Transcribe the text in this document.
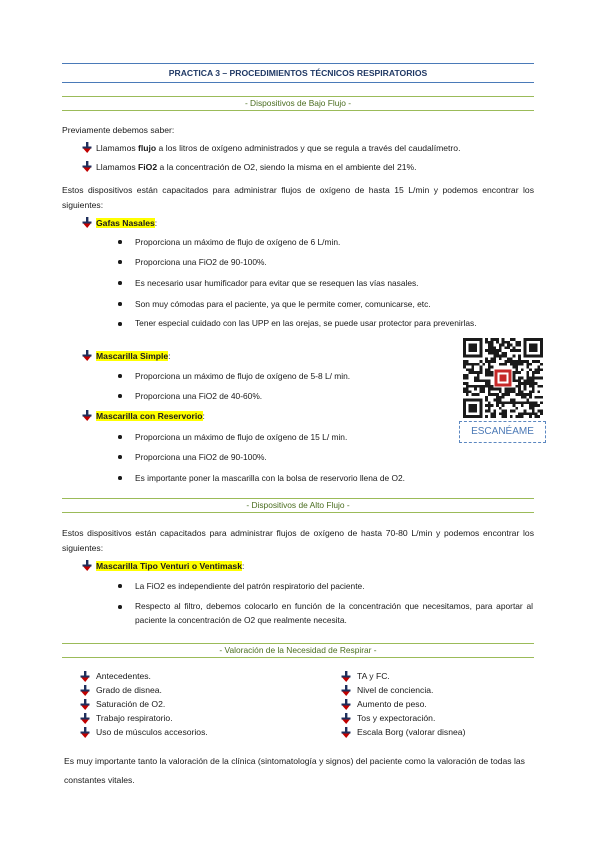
PRACTICA 3 – PROCEDIMIENTOS TÉCNICOS RESPIRATORIOS
- Dispositivos de Bajo Flujo -
Previamente debemos saber:
Llamamos flujo a los litros de oxígeno administrados y que se regula a través del caudalímetro.
Llamamos FiO2 a la concentración de O2, siendo la misma en el ambiente del 21%.
Estos dispositivos están capacitados para administrar flujos de oxígeno de hasta 15 L/min y podemos encontrar los siguientes:
Gafas Nasales:
Proporciona un máximo de flujo de oxígeno de 6 L/min.
Proporciona una FiO2 de 90-100%.
Es necesario usar humificador para evitar que se resequen las vías nasales.
Son muy cómodas para el paciente, ya que le permite comer, comunicarse, etc.
Tener especial cuidado con las UPP en las orejas, se puede usar protector para prevenirlas.
Mascarilla Simple:
Proporciona un máximo de flujo de oxígeno de 5-8 L/ min.
Proporciona una FiO2 de 40-60%.
Mascarilla con Reservorio:
Proporciona un máximo de flujo de oxígeno de 15 L/ min.
Proporciona una FiO2 de 90-100%.
Es importante poner la mascarilla con la bolsa de reservorio llena de O2.
ESCANÉAME
- Dispositivos de Alto Flujo -
Estos dispositivos están capacitados para administrar flujos de oxígeno de hasta 70-80 L/min y podemos encontrar los siguientes:
Mascarilla Tipo Venturi o Ventimask:
La FiO2 es independiente del patrón respiratorio del paciente.
Respecto al filtro, debemos colocarlo en función de la concentración que necesitamos, para aportar al paciente la concentración de O2 que realmente necesita.
- Valoración de la Necesidad de Respirar -
Antecedentes.
Grado de disnea.
Saturación de O2.
Trabajo respiratorio.
Uso de músculos accesorios.
TA y FC.
Nivel de conciencia.
Aumento de peso.
Tos y expectoración.
Escala Borg (valorar disnea)
Es muy importante tanto la valoración de la clínica (sintomatología y signos) del paciente como la valoración de todas las constantes vitales.
